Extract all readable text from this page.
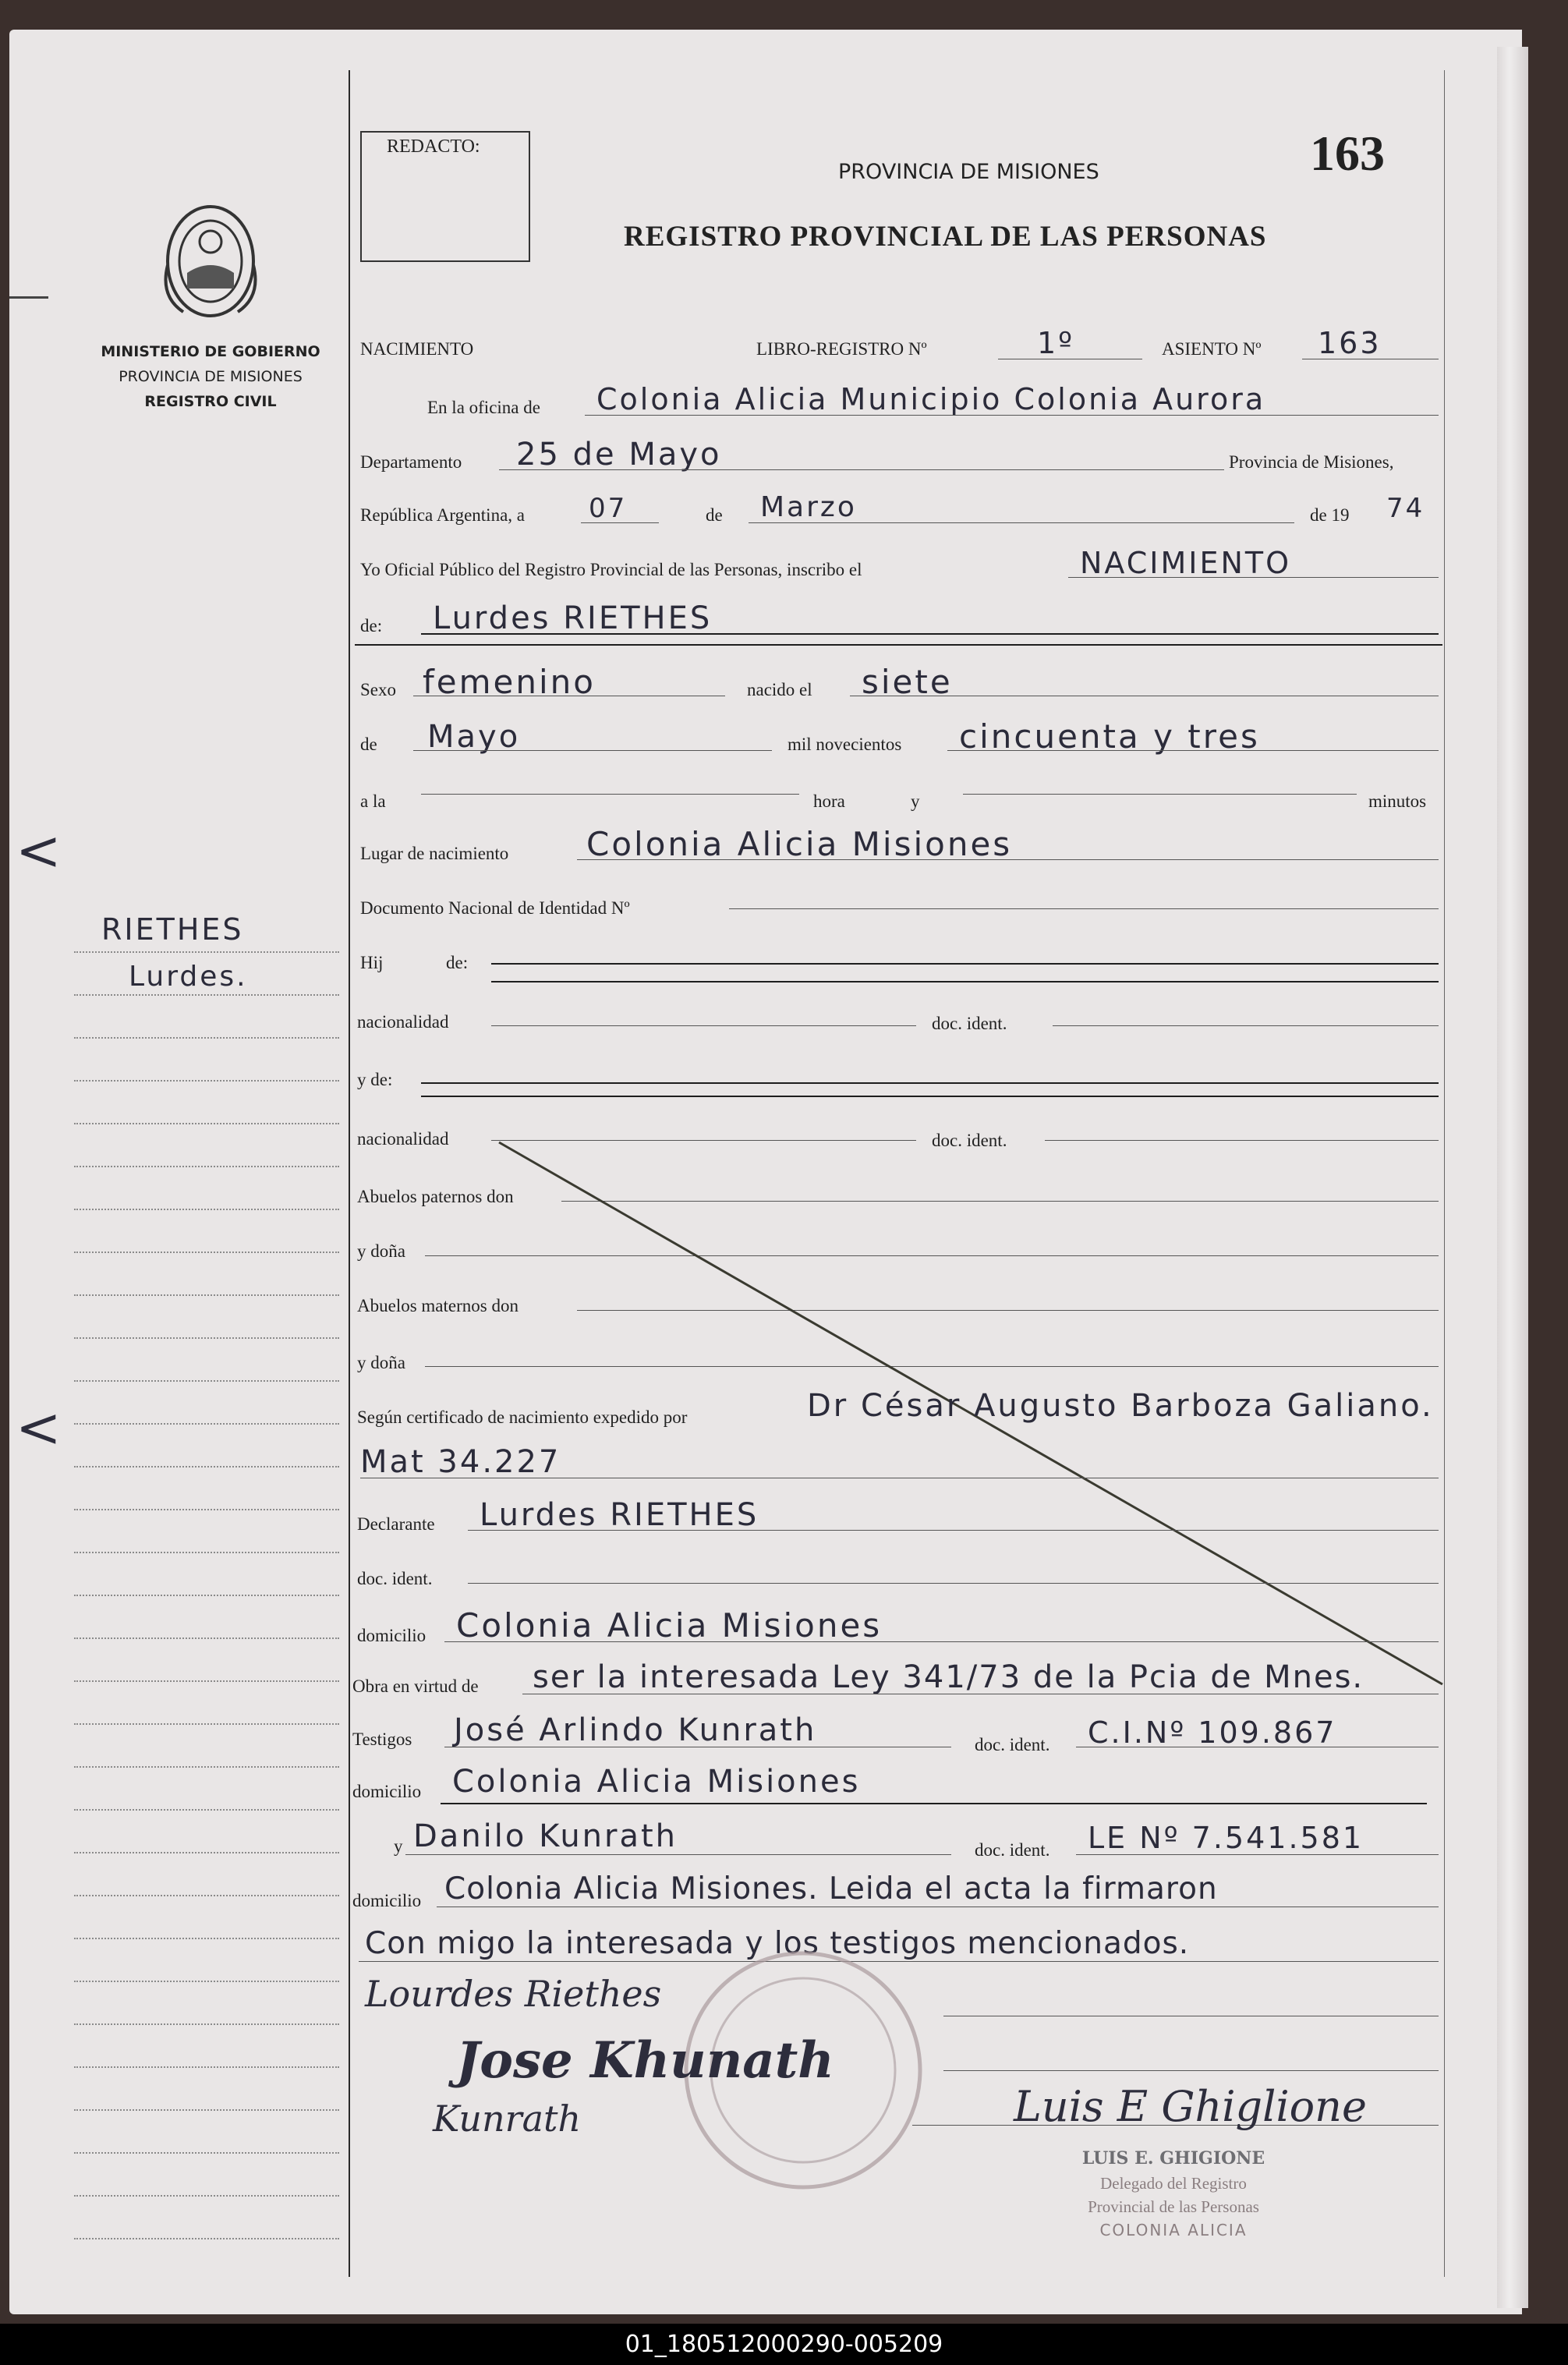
<
<
MINISTERIO DE GOBIERNO
PROVINCIA DE MISIONES
REGISTRO CIVIL
RIETHES
Lurdes.
REDACTO:
PROVINCIA DE MISIONES
REGISTRO PROVINCIAL DE LAS PERSONAS
163
NACIMIENTO	LIBRO-REGISTRO Nº	1º	ASIENTO Nº 163
En la oficina de Colonia Alicia Municipio Colonia Aurora
Departamento 25 de Mayo	Provincia de Misiones,
República Argentina, a 07	de Marzo	de 19 74
Yo Oficial Público del Registro Provincial de las Personas, inscribo el	NACIMIENTO
de: Lurdes RIETHES
Sexo femenino	nacido el siete
de Mayo	mil novecientos cincuenta y tres
a la	hora	y	minutos
Lugar de nacimiento Colonia Alicia Misiones
Documento Nacional de Identidad Nº
Hij	de:
nacionalidad	doc. ident.
y de:
nacionalidad	doc. ident.
Abuelos paternos don
y doña
Abuelos maternos don
y doña
Según certificado de nacimiento expedido por	Dr César Augusto Barboza Galiano.
Mat 34.227
Declarante Lurdes RIETHES
doc. ident.
domicilio Colonia Alicia Misiones
Obra en virtud de ser la interesada Ley 341/73 de la Pcia de Mnes.
Testigos José Arlindo Kunrath	doc. ident. C.I.Nº 109.867
domicilio Colonia Alicia Misiones
y Danilo Kunrath	doc. ident. LE Nº 7.541.581
domicilio Colonia Alicia Misiones. Leida el acta la firmaron
Con migo la interesada y los testigos mencionados.
Lourdes Riethes
Jose Khunath
Kunrath	Luis E Ghiglione
LUIS E. GHIGIONE
Delegado del Registro
Provincial de las Personas
COLONIA ALICIA
01_180512000290-005209
